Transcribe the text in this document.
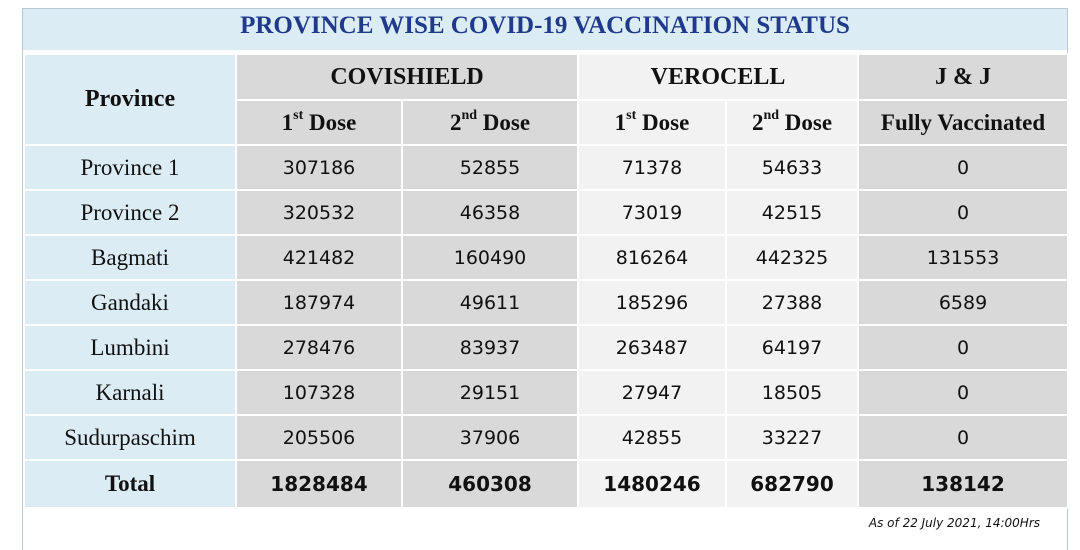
PROVINCE WISE COVID-19 VACCINATION STATUS
Province	COVISHIELD		VEROCELL		J & J
	1st Dose	2nd Dose	1st Dose	2nd Dose	Fully Vaccinated
Province 1	307186	52855	71378	54633	0
Province 2	320532	46358	73019	42515	0
Bagmati	421482	160490	816264	442325	131553
Gandaki	187974	49611	185296	27388	6589
Lumbini	278476	83937	263487	64197	0
Karnali	107328	29151	27947	18505	0
Sudurpaschim	205506	37906	42855	33227	0
Total	1828484	460308	1480246	682790	138142
As of 22 July 2021, 14:00Hrs
